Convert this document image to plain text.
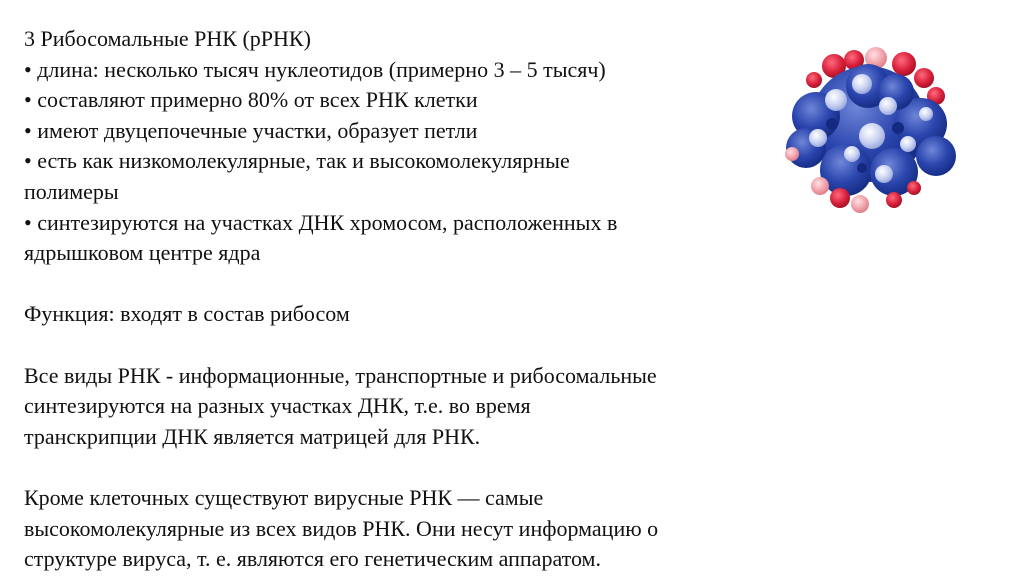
3 Рибосомальные РНК (рРНК)
• длина: несколько тысяч нуклеотидов (примерно 3 – 5 тысяч)
• составляют примерно 80% от всех РНК клетки
• имеют двуцепочечные участки, образует петли
• есть как низкомолекулярные, так и высокомолекулярные
полимеры
• синтезируются на участках ДНК хромосом, расположенных в
ядрышковом центре ядра
Функция: входят в состав рибосом
Все виды РНК - информационные, транспортные и рибосомальные
синтезируются на разных участках ДНК, т.е. во время
транскрипции ДНК является матрицей для РНК.
Кроме клеточных существуют вирусные РНК — самые
высокомолекулярные из всех видов РНК. Они несут информацию о
структуре вируса, т. е. являются его генетическим аппаратом.
